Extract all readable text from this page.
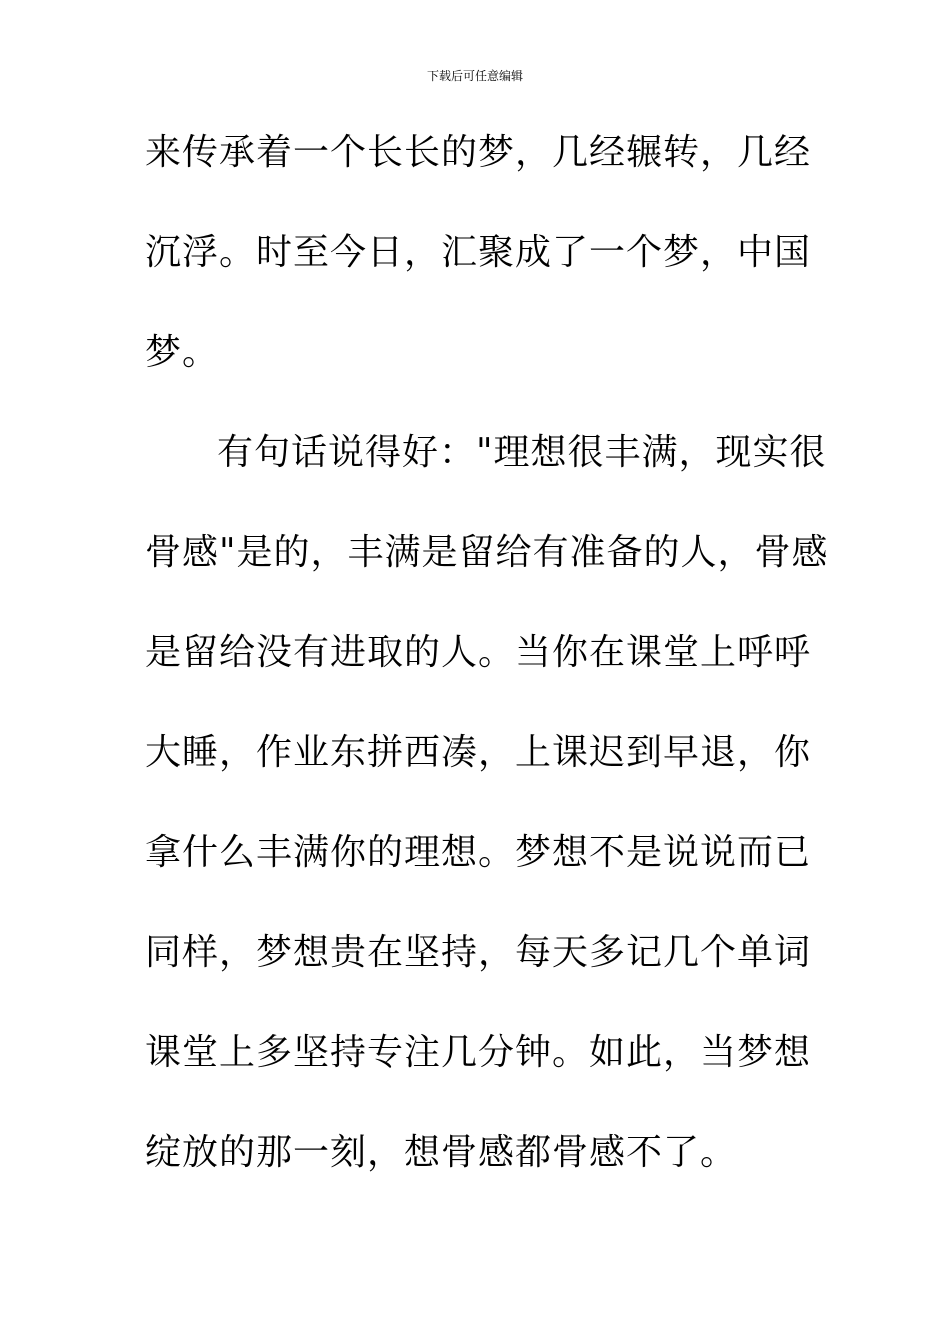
下载后可任意编辑
来传承着一个长长的梦，几经辗转，几经
沉浮。时至今日，汇聚成了一个梦，中国
梦。
有句话说得好："理想很丰满，现实很
骨感"是的，丰满是留给有准备的人，骨感
是留给没有进取的人。当你在课堂上呼呼
大睡，作业东拼西凑，上课迟到早退，你
拿什么丰满你的理想。梦想不是说说而已
同样，梦想贵在坚持，每天多记几个单词
课堂上多坚持专注几分钟。如此，当梦想
绽放的那一刻，想骨感都骨感不了。
